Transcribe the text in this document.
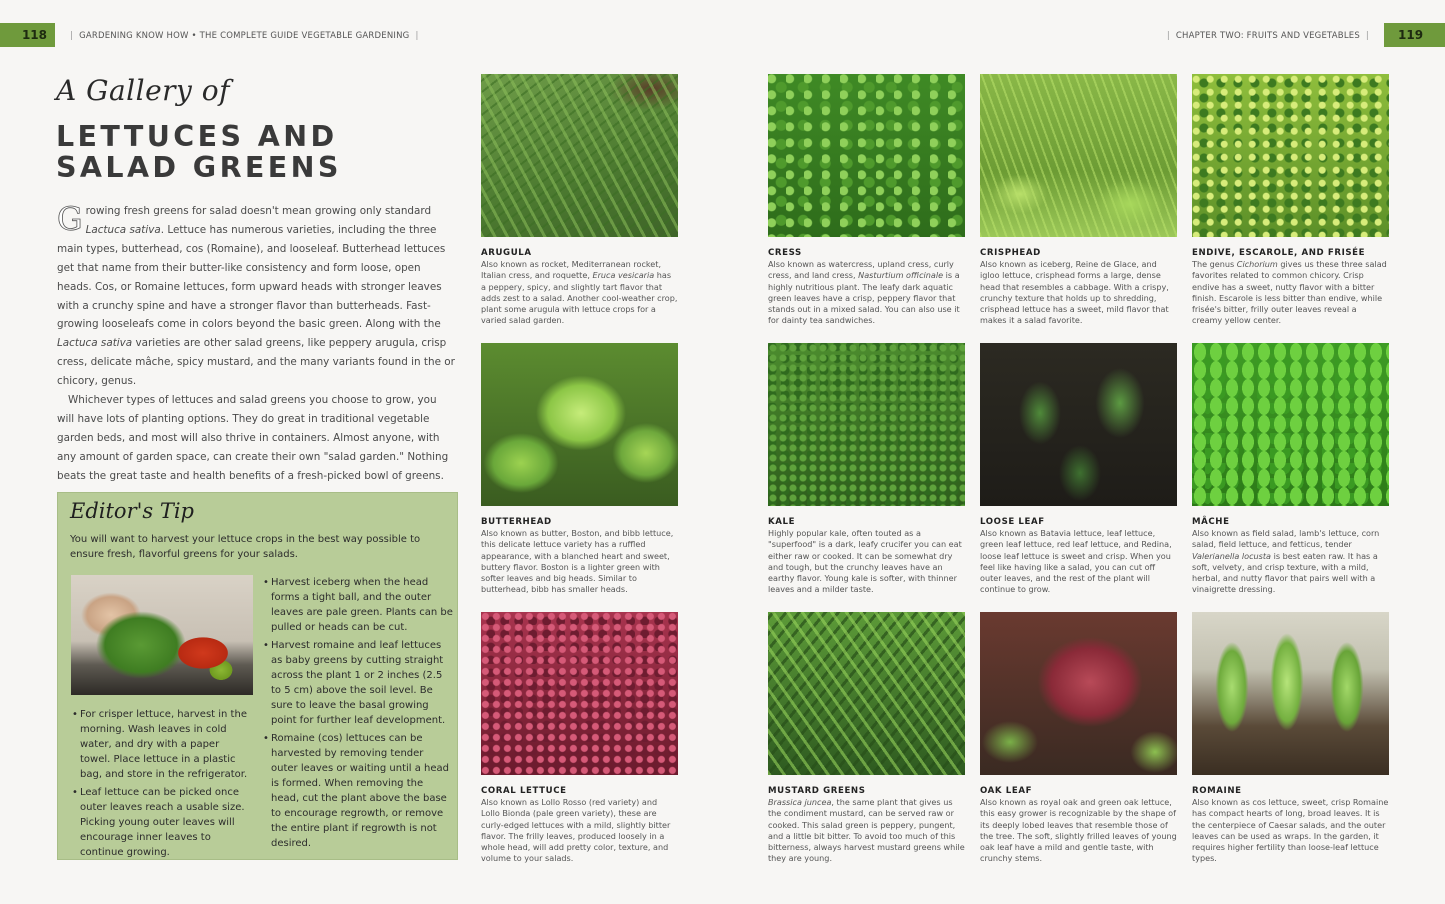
118	| GARDENING KNOW HOW • THE COMPLETE GUIDE VEGETABLE GARDENING |	| CHAPTER TWO: FRUITS AND VEGETABLES |	119
A Gallery of
LETTUCES AND
SALAD GREENS

Growing fresh greens for salad doesn't mean growing only standard Lactuca sativa. Lettuce has numerous varieties, including the three main types, butterhead, cos (Romaine), and looseleaf. Butterhead lettuces get that name from their butter-like consistency and form loose, open heads. Cos, or Romaine lettuces, form upward heads with stronger leaves with a crunchy spine and have a stronger flavor than butterheads. Fast-growing looseleafs come in colors beyond the basic green. Along with the Lactuca sativa varieties are other salad greens, like peppery arugula, crisp cress, delicate mâche, spicy mustard, and the many variants found in the or chicory, genus.

Whichever types of lettuces and salad greens you choose to grow, you will have lots of planting options. They do great in traditional vegetable garden beds, and most will also thrive in containers. Almost anyone, with any amount of garden space, can create their own "salad garden." Nothing beats the great taste and health benefits of a fresh-picked bowl of greens.

Editor's Tip
You will want to harvest your lettuce crops in the best way possible to ensure fresh, flavorful greens for your salads.
• Harvest iceberg when the head forms a tight ball, and the outer leaves are pale green. Plants can be pulled or heads can be cut.
• Harvest romaine and leaf lettuces as baby greens by cutting straight across the plant 1 or 2 inches (2.5 to 5 cm) above the soil level. Be sure to leave the basal growing point for further leaf development.
• Romaine (cos) lettuces can be harvested by removing tender outer leaves or waiting until a head is formed. When removing the head, cut the plant above the base to encourage regrowth, or remove the entire plant if regrowth is not desired.
• For crisper lettuce, harvest in the morning. Wash leaves in cold water, and dry with a paper towel. Place lettuce in a plastic bag, and store in the refrigerator.
• Leaf lettuce can be picked once outer leaves reach a usable size. Picking young outer leaves will encourage inner leaves to continue growing.
ARUGULA
Also known as rocket, Mediterranean rocket, Italian cress, and roquette, Eruca vesicaria has a peppery, spicy, and slightly tart flavor that adds zest to a salad. Another cool-weather crop, plant some arugula with lettuce crops for a varied salad garden.
CRESS
Also known as watercress, upland cress, curly cress, and land cress, Nasturtium officinale is a highly nutritious plant. The leafy dark aquatic green leaves have a crisp, peppery flavor that stands out in a mixed salad. You can also use it for dainty tea sandwiches.
CRISPHEAD
Also known as iceberg, Reine de Glace, and igloo lettuce, crisphead forms a large, dense head that resembles a cabbage. With a crispy, crunchy texture that holds up to shredding, crisphead lettuce has a sweet, mild flavor that makes it a salad favorite.
ENDIVE, ESCAROLE, AND FRISÉE
The genus Cichorium gives us these three salad favorites related to common chicory. Crisp endive has a sweet, nutty flavor with a bitter finish. Escarole is less bitter than endive, while frisée's bitter, frilly outer leaves reveal a creamy yellow center.
BUTTERHEAD
Also known as butter, Boston, and bibb lettuce, this delicate lettuce variety has a ruffled appearance, with a blanched heart and sweet, buttery flavor. Boston is a lighter green with softer leaves and big heads. Similar to butterhead, bibb has smaller heads.
KALE
Highly popular kale, often touted as a "superfood" is a dark, leafy crucifer you can eat either raw or cooked. It can be somewhat dry and tough, but the crunchy leaves have an earthy flavor. Young kale is softer, with thinner leaves and a milder taste.
LOOSE LEAF
Also known as Batavia lettuce, leaf lettuce, green leaf lettuce, red leaf lettuce, and Redina, loose leaf lettuce is sweet and crisp. When you feel like having like a salad, you can cut off outer leaves, and the rest of the plant will continue to grow.
MÂCHE
Also known as field salad, lamb's lettuce, corn salad, field lettuce, and fetticus, tender Valerianella locusta is best eaten raw. It has a soft, velvety, and crisp texture, with a mild, herbal, and nutty flavor that pairs well with a vinaigrette dressing.
CORAL LETTUCE
Also known as Lollo Rosso (red variety) and Lollo Bionda (pale green variety), these are curly-edged lettuces with a mild, slightly bitter flavor. The frilly leaves, produced loosely in a whole head, will add pretty color, texture, and volume to your salads.
MUSTARD GREENS
Brassica juncea, the same plant that gives us the condiment mustard, can be served raw or cooked. This salad green is peppery, pungent, and a little bit bitter. To avoid too much of this bitterness, always harvest mustard greens while they are young.
OAK LEAF
Also known as royal oak and green oak lettuce, this easy grower is recognizable by the shape of its deeply lobed leaves that resemble those of the tree. The soft, slightly frilled leaves of young oak leaf have a mild and gentle taste, with crunchy stems.
ROMAINE
Also known as cos lettuce, sweet, crisp Romaine has compact hearts of long, broad leaves. It is the centerpiece of Caesar salads, and the outer leaves can be used as wraps. In the garden, it requires higher fertility than loose-leaf lettuce types.
